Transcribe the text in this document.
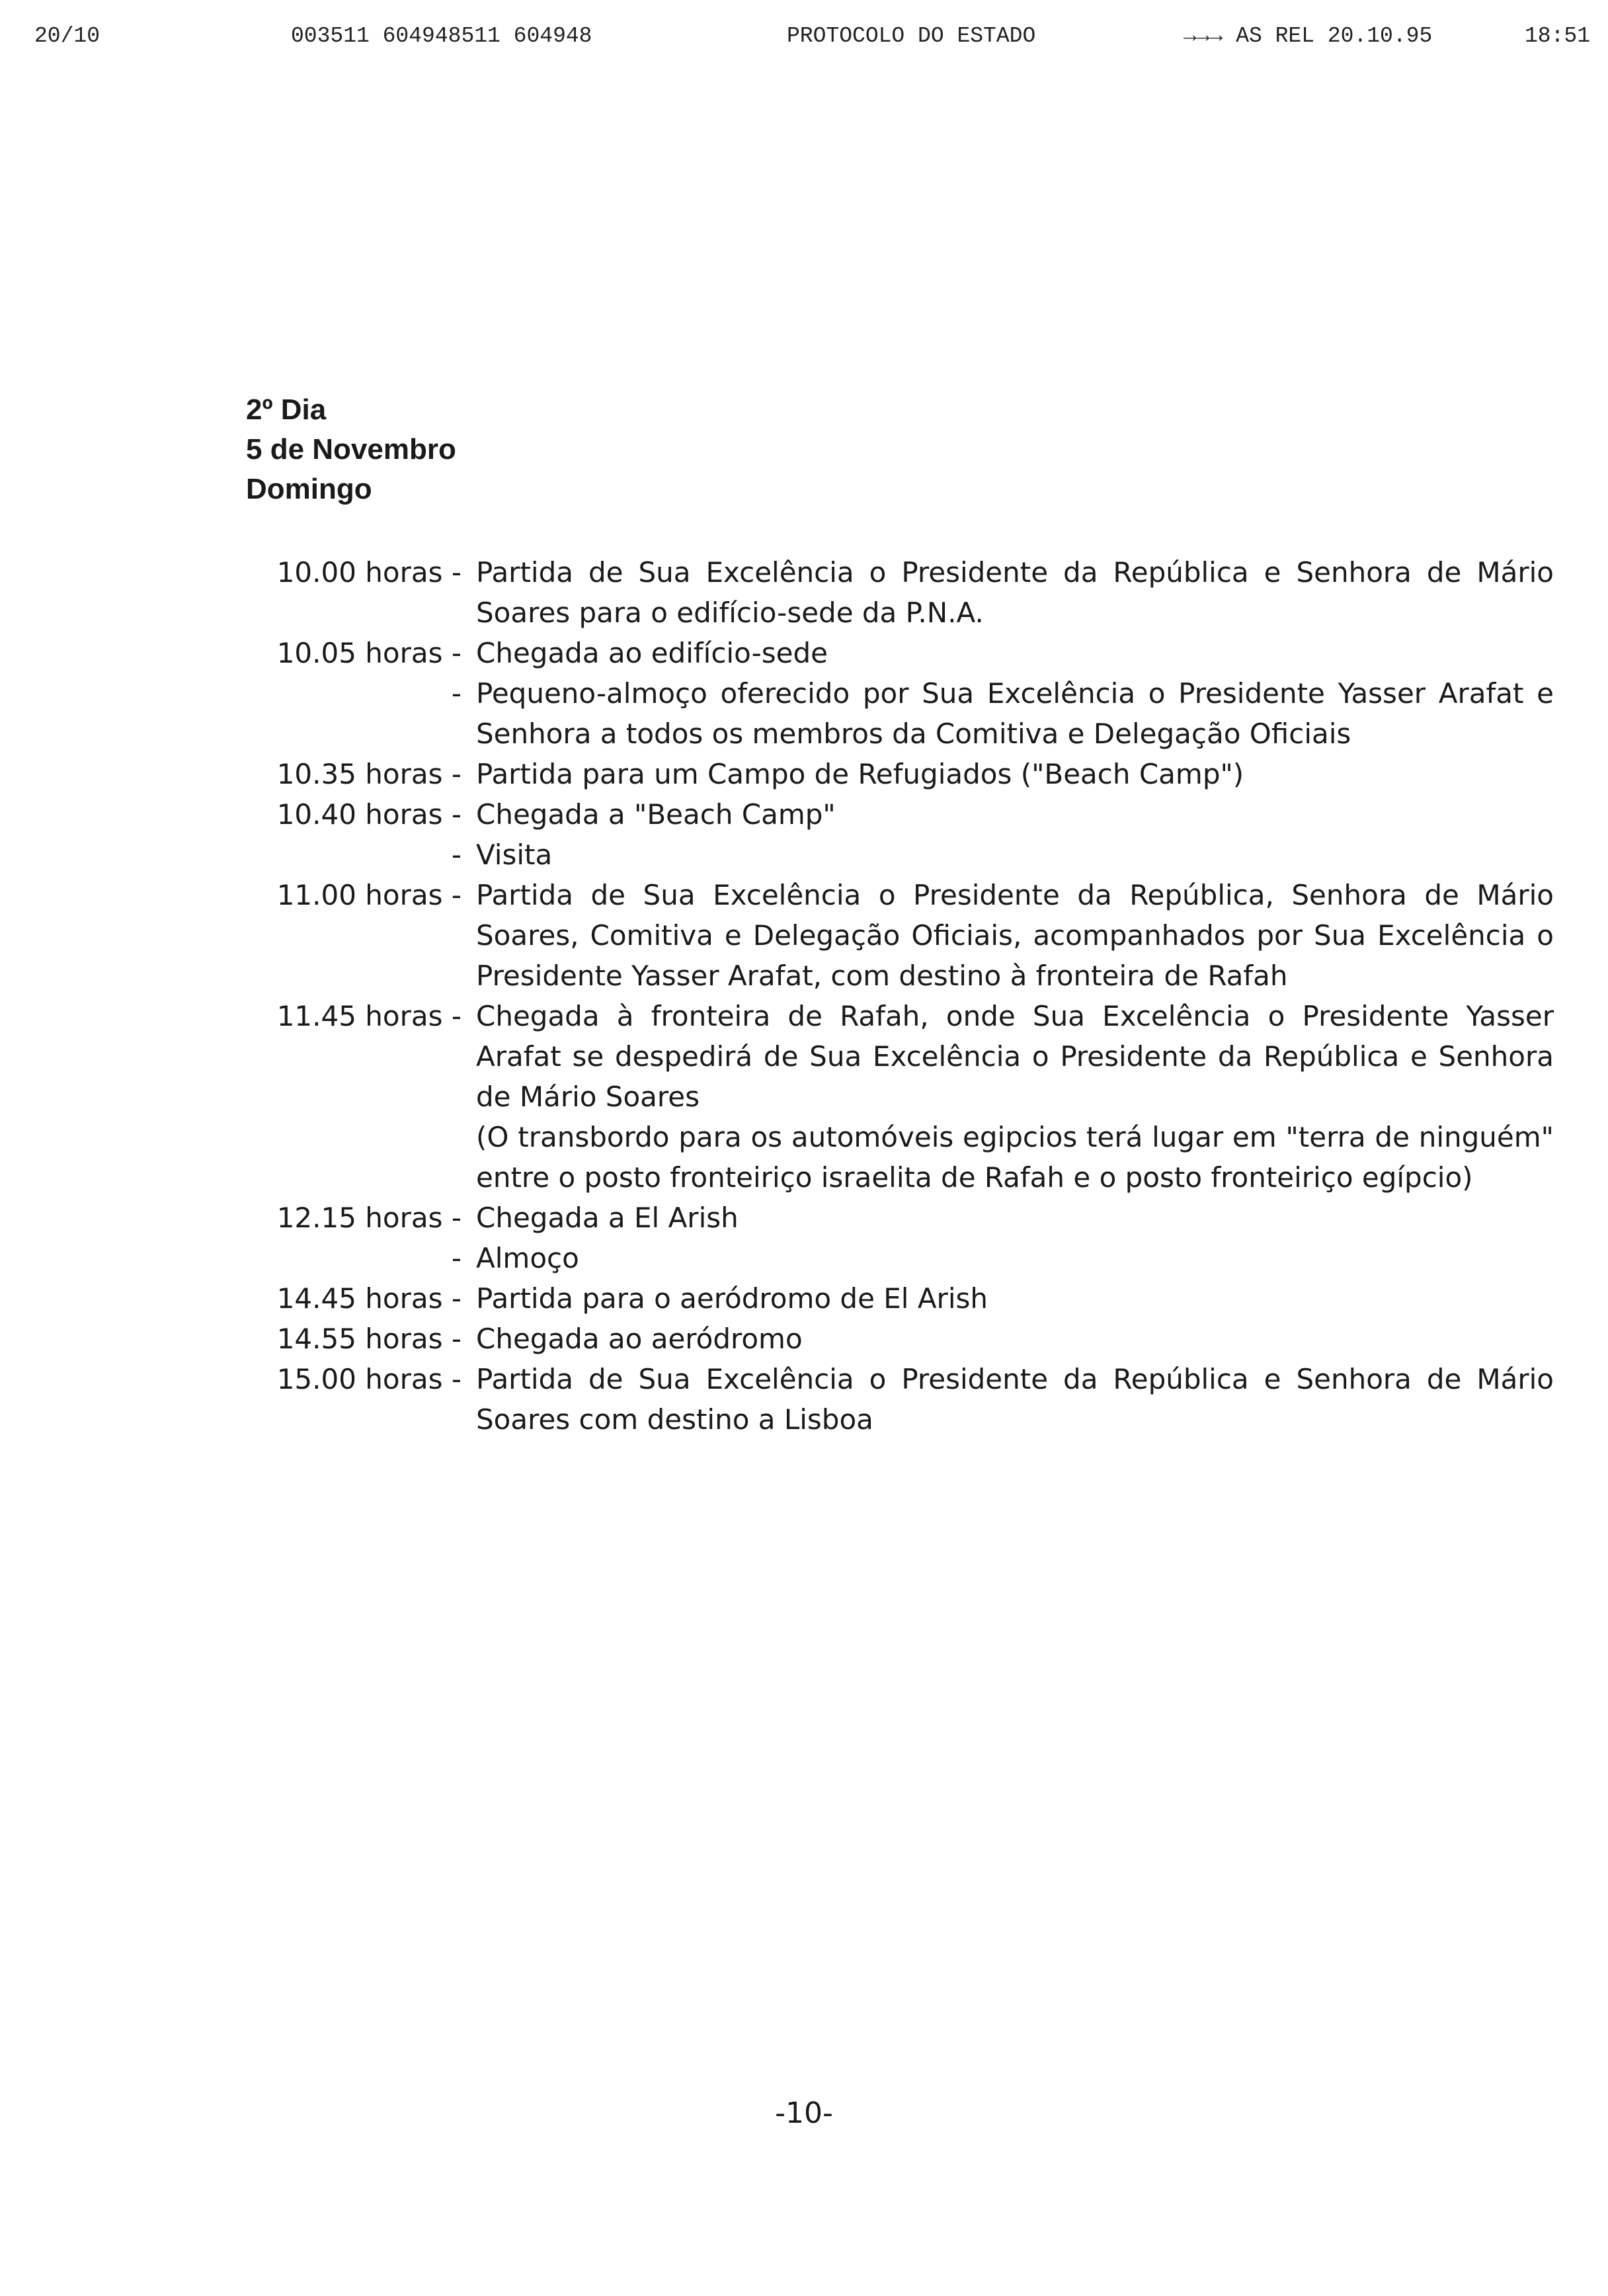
20/10	003511 604948511 604948	PROTOCOLO DO ESTADO	→→→ AS REL 20.10.95	18:51
2º Dia
5 de Novembro
Domingo
10.00 horas - Partida de Sua Excelência o Presidente da República e Senhora de Mário Soares para o edifício-sede da P.N.A.

10.05 horas - Chegada ao edifício-sede

- Pequeno-almoço oferecido por Sua Excelência o Presidente Yasser Arafat e Senhora a todos os membros da Comitiva e Delegação Oficiais

10.35 horas - Partida para um Campo de Refugiados ("Beach Camp")

10.40 horas - Chegada a "Beach Camp"

- Visita

11.00 horas - Partida de Sua Excelência o Presidente da República, Senhora de Mário Soares, Comitiva e Delegação Oficiais, acompanhados por Sua Excelência o Presidente Yasser Arafat, com destino à fronteira de Rafah

11.45 horas - Chegada à fronteira de Rafah, onde Sua Excelência o Presidente Yasser Arafat se despedirá de Sua Excelência o Presidente da República e Senhora de Mário Soares

(O transbordo para os automóveis egipcios terá lugar em "terra de ninguém" entre o posto fronteiriço israelita de Rafah e o posto fronteiriço egípcio)

12.15 horas - Chegada a El Arish

- Almoço

14.45 horas - Partida para o aeródromo de El Arish

14.55 horas - Chegada ao aeródromo

15.00 horas - Partida de Sua Excelência o Presidente da República e Senhora de Mário Soares com destino a Lisboa

-10-
